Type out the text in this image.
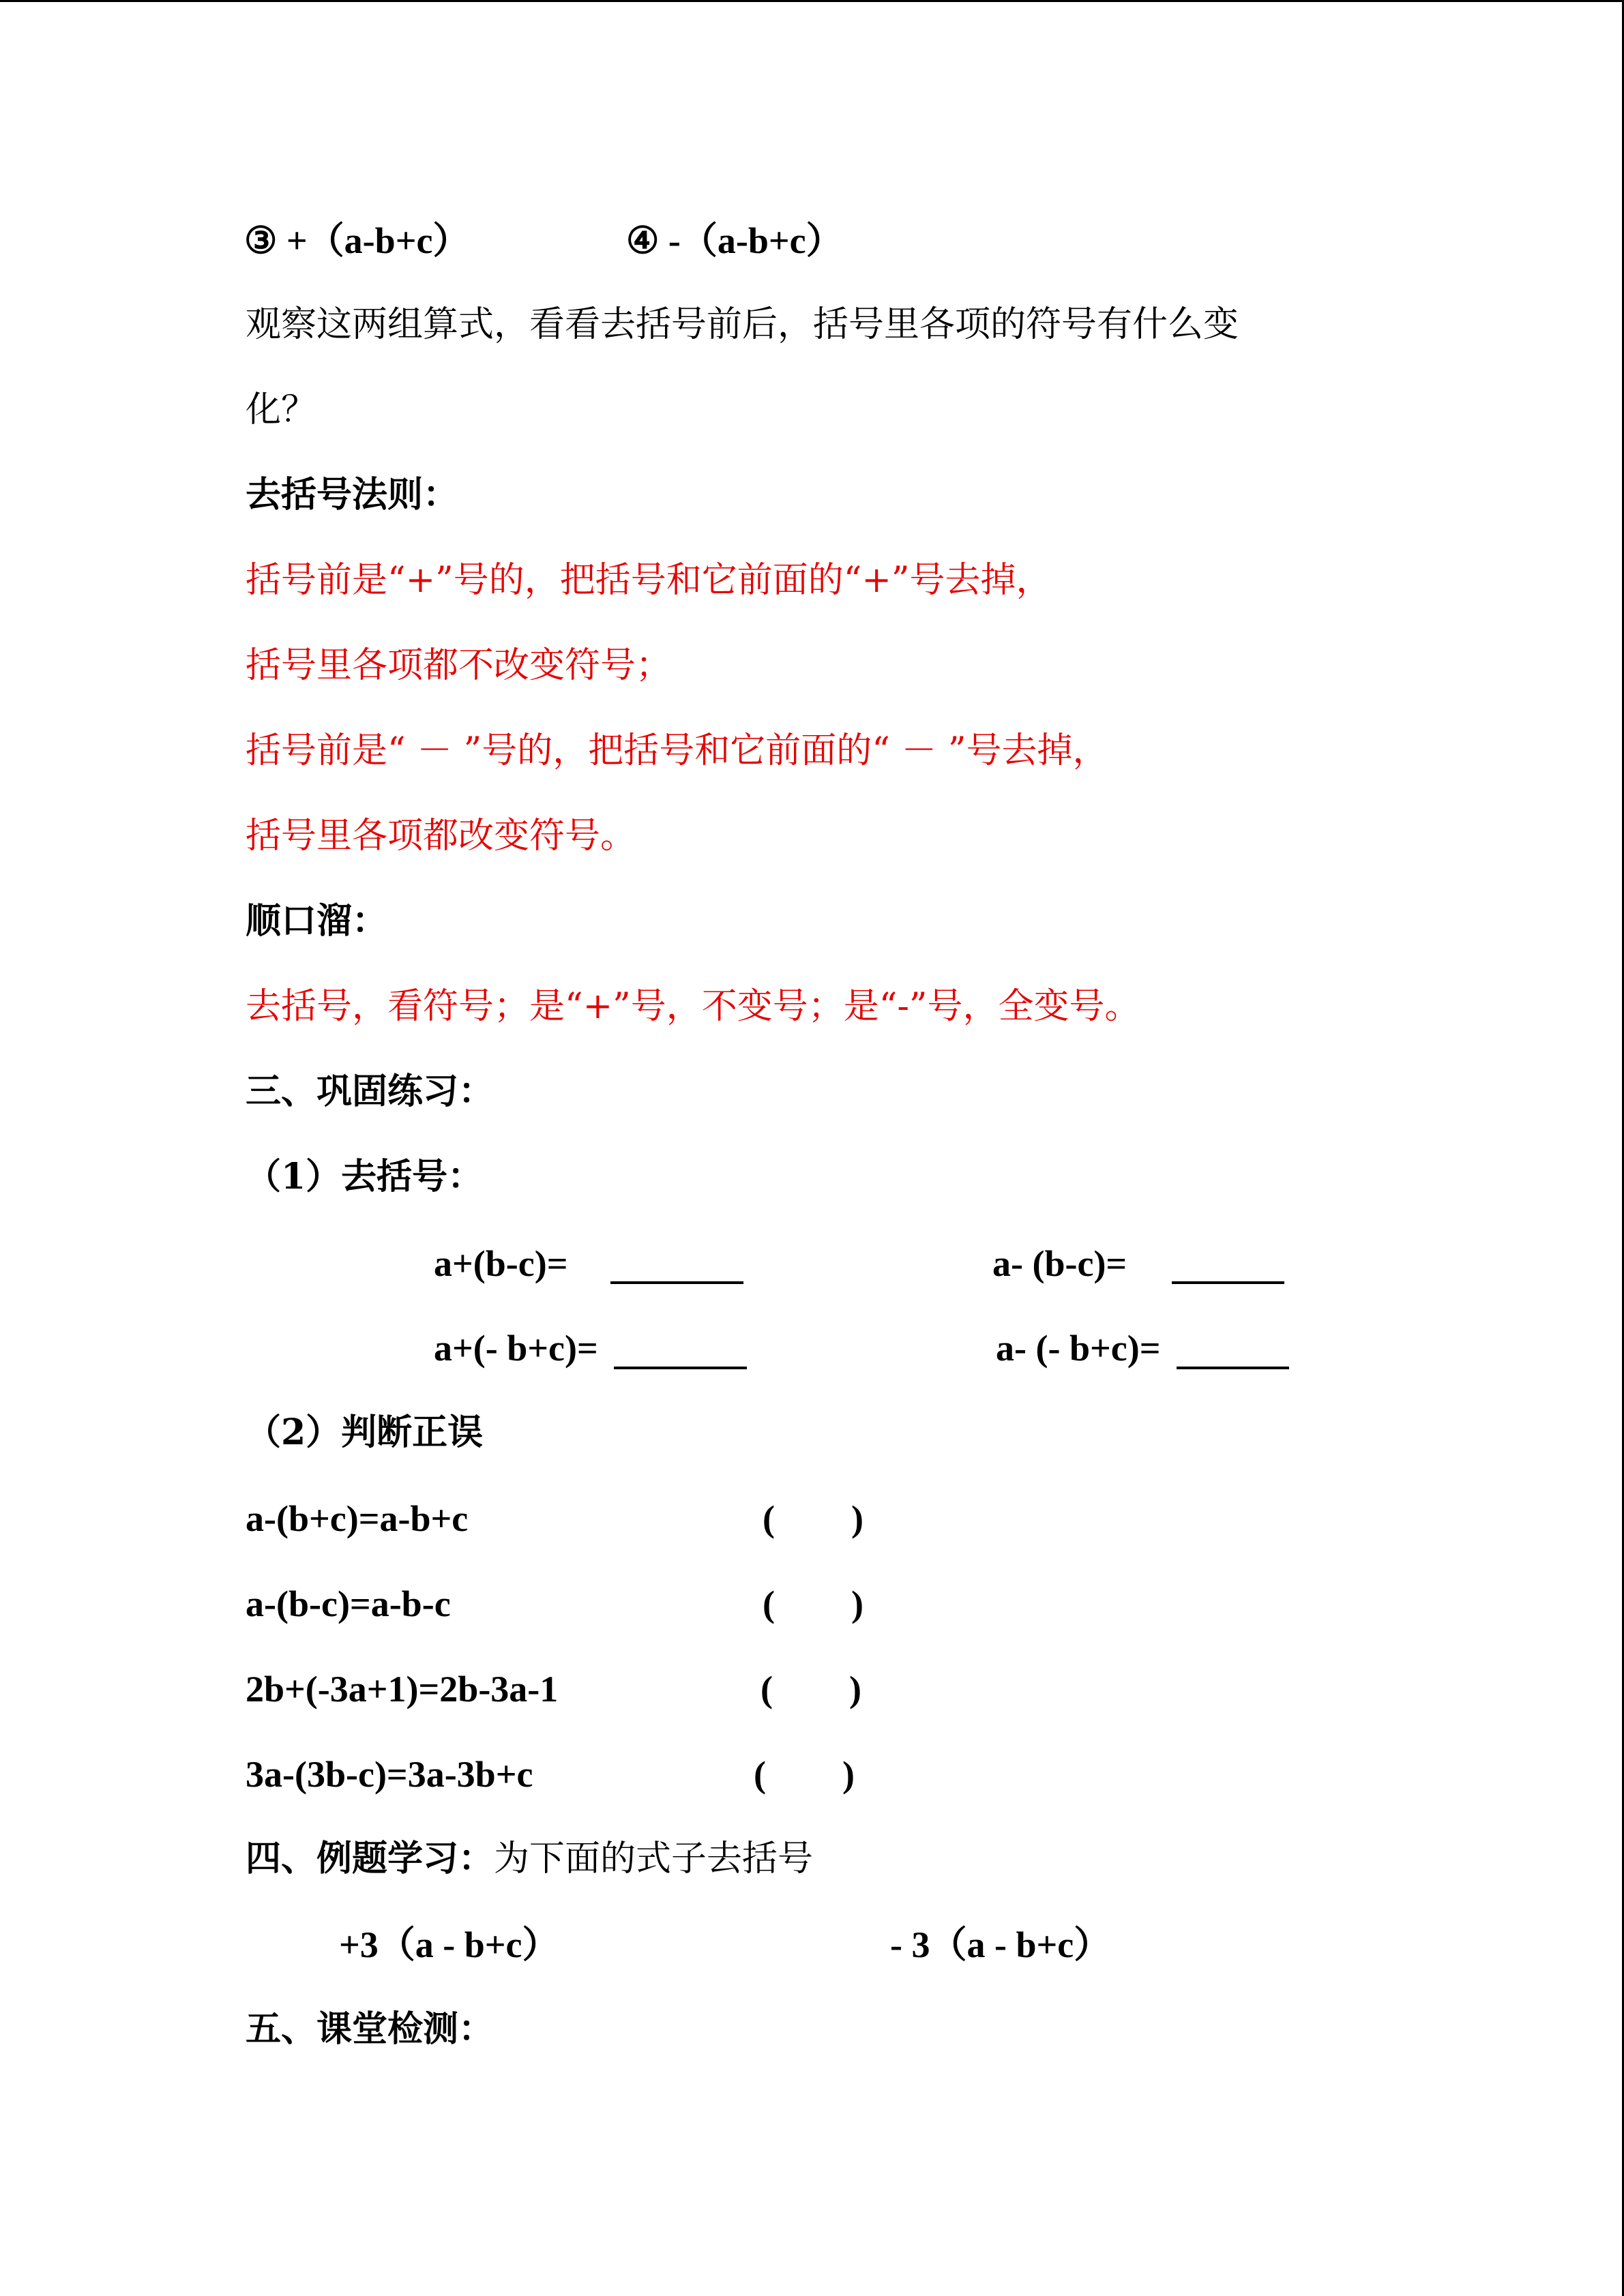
③ +（a-b+c）	④ -（a-b+c）
观察这两组算式，看看去括号前后，括号里各项的符号有什么变
化？
去括号法则：
括号前是“+”号的，把括号和它前面的“+”号去掉，
括号里各项都不改变符号；
括号前是“ － ”号的，把括号和它前面的“ － ”号去掉，
括号里各项都改变符号。
顺口溜：
去括号，看符号；是“+”号，不变号；是“-”号，全变号。
三、巩固练习：
（1）去括号：
a+(b-c)=	a- (b-c)=
a+(- b+c)=	a- (- b+c)=
（2）判断正误
a-(b+c)=a-b+c	( )
a-(b-c)=a-b-c	( )
2b+(-3a+1)=2b-3a-1	( )
3a-(3b-c)=3a-3b+c	( )
四、例题学习：为下面的式子去括号
+3（a - b+c）	- 3（a - b+c）
五、课堂检测：
